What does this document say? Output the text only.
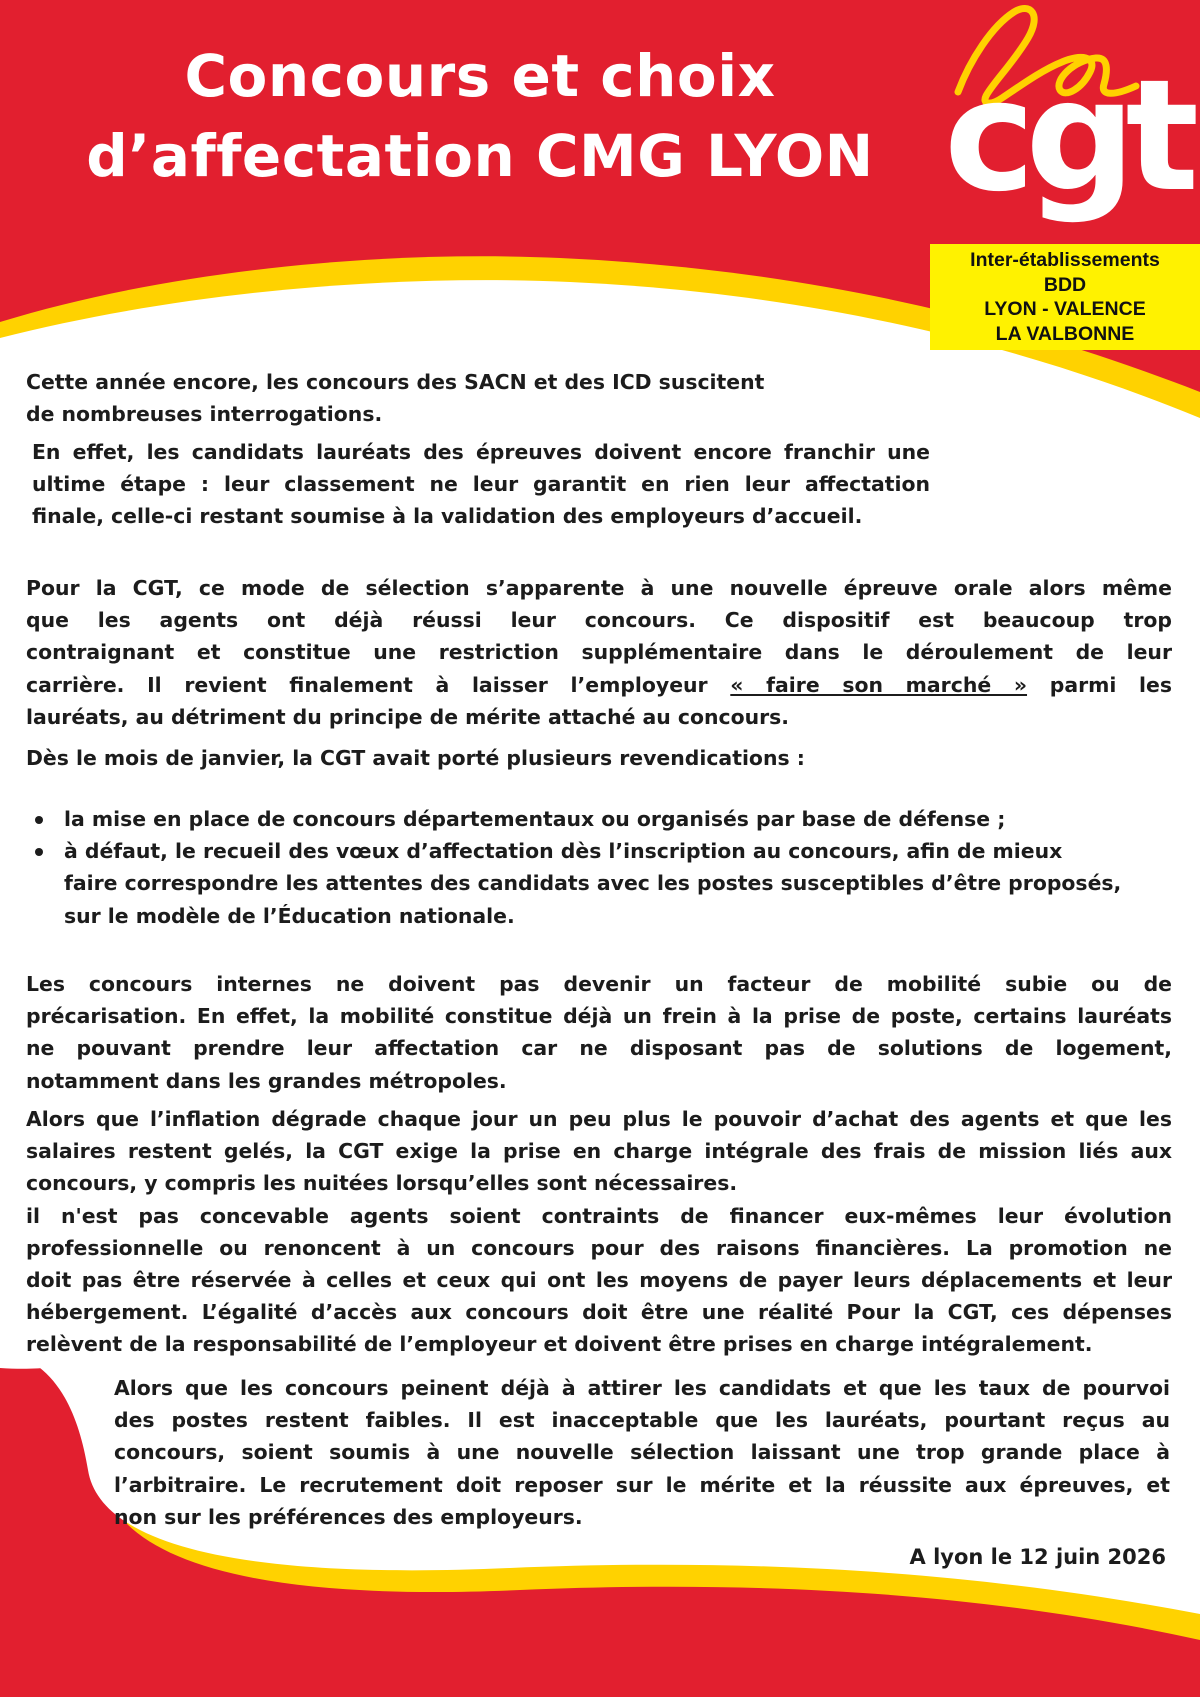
Concours et choix
d’affectation CMG LYON
la

cgt

Inter-établissements
BDD
LYON - VALENCE
LA VALBONNE

Cette année encore, les concours des SACN et des ICD suscitent
de nombreuses interrogations.

En effet, les candidats lauréats des épreuves doivent encore franchir une
ultime étape : leur classement ne leur garantit en rien leur affectation
finale, celle-ci restant soumise à la validation des employeurs d’accueil.

Pour la CGT, ce mode de sélection s’apparente à une nouvelle épreuve orale alors même
que les agents ont déjà réussi leur concours. Ce dispositif est beaucoup trop
contraignant et constitue une restriction supplémentaire dans le déroulement de leur
carrière. Il revient finalement à laisser l’employeur « faire son marché » parmi les
lauréats, au détriment du principe de mérite attaché au concours.

Dès le mois de janvier, la CGT avait porté plusieurs revendications :

la mise en place de concours départementaux ou organisés par base de défense ;
à défaut, le recueil des vœux d’affectation dès l’inscription au concours, afin de mieux
faire correspondre les attentes des candidats avec les postes susceptibles d’être proposés,
sur le modèle de l’Éducation nationale.

Les concours internes ne doivent pas devenir un facteur de mobilité subie ou de
précarisation. En effet, la mobilité constitue déjà un frein à la prise de poste, certains lauréats
ne pouvant prendre leur affectation car ne disposant pas de solutions de logement,
notamment dans les grandes métropoles.

Alors que l’inflation dégrade chaque jour un peu plus le pouvoir d’achat des agents et que les
salaires restent gelés, la CGT exige la prise en charge intégrale des frais de mission liés aux
concours, y compris les nuitées lorsqu’elles sont nécessaires.
il n'est pas concevable agents soient contraints de financer eux-mêmes leur évolution
professionnelle ou renoncent à un concours pour des raisons financières. La promotion ne
doit pas être réservée à celles et ceux qui ont les moyens de payer leurs déplacements et leur
hébergement. L’égalité d’accès aux concours doit être une réalité Pour la CGT, ces dépenses
relèvent de la responsabilité de l’employeur et doivent être prises en charge intégralement.

Alors que les concours peinent déjà à attirer les candidats et que les taux de pourvoi
des postes restent faibles. Il est inacceptable que les lauréats, pourtant reçus au
concours, soient soumis à une nouvelle sélection laissant une trop grande place à
l’arbitraire. Le recrutement doit reposer sur le mérite et la réussite aux épreuves, et
non sur les préférences des employeurs.

A lyon le 12 juin 2026
